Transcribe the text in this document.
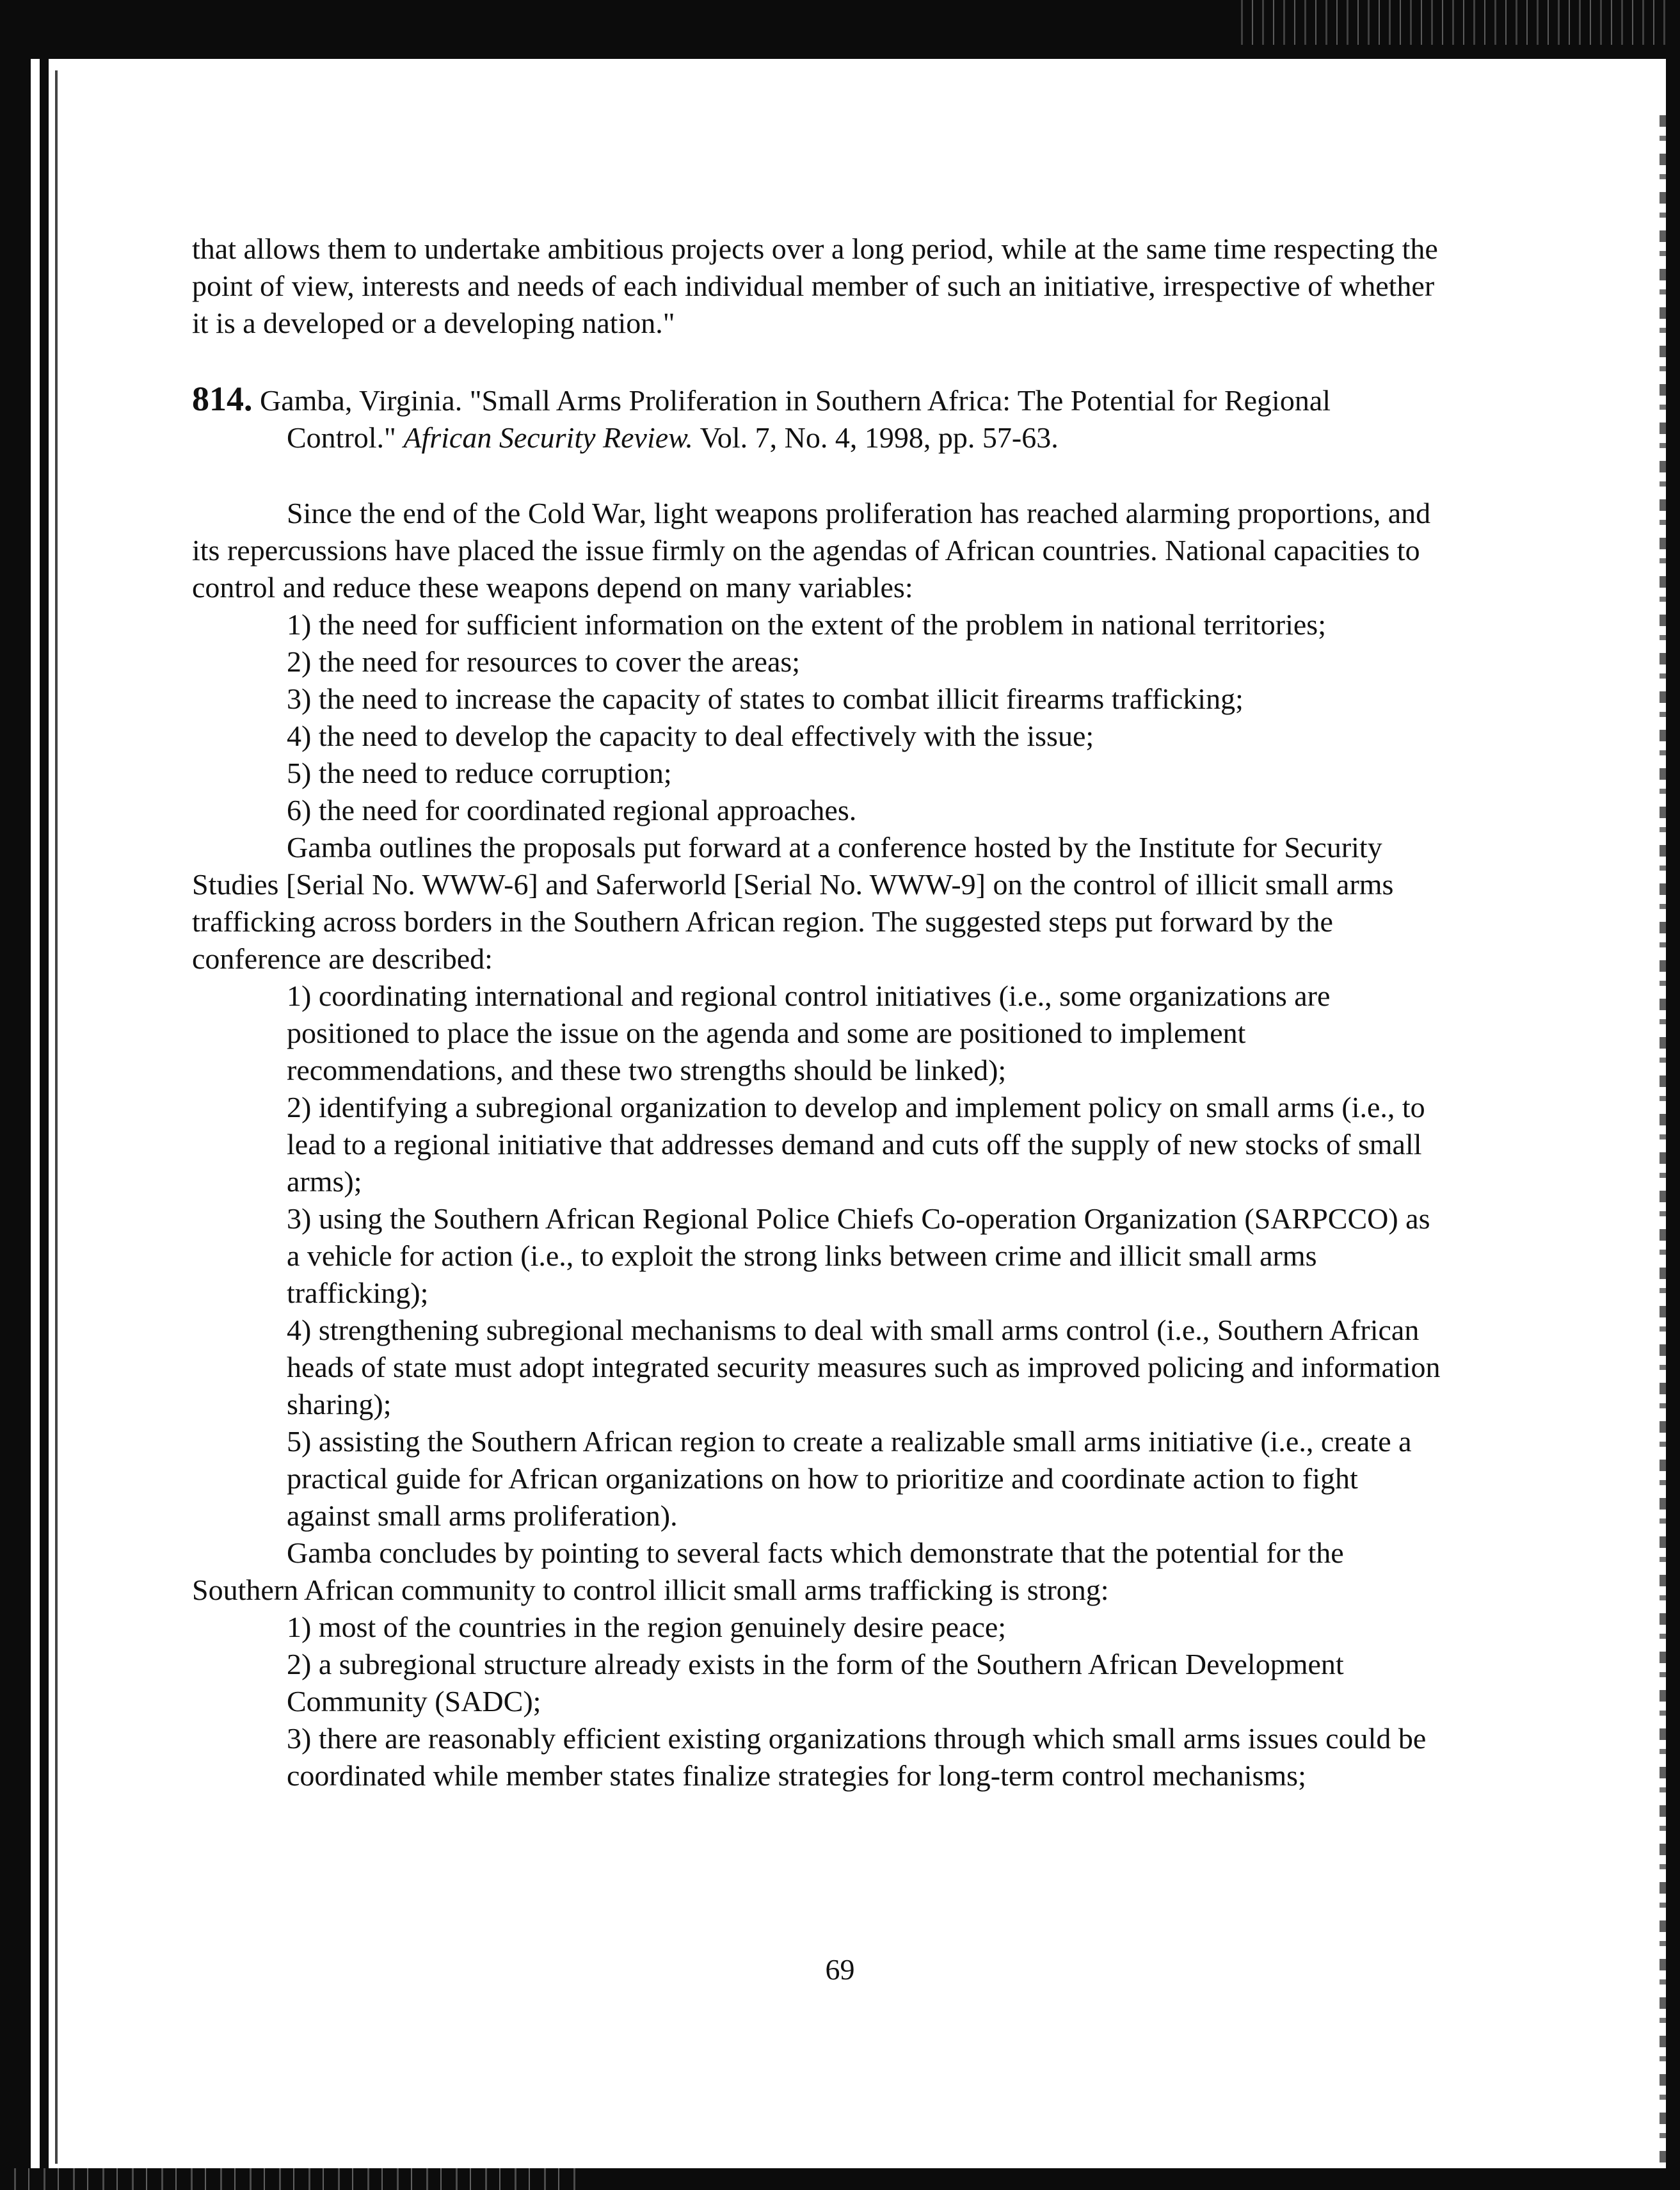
that allows them to undertake ambitious projects over a long period, while at the same time respecting the point of view, interests and needs of each individual member of such an initiative, irrespective of whether it is a developed or a developing nation."

814. Gamba, Virginia. "Small Arms Proliferation in Southern Africa: The Potential for Regional Control." African Security Review. Vol. 7, No. 4, 1998, pp. 57-63.

Since the end of the Cold War, light weapons proliferation has reached alarming proportions, and its repercussions have placed the issue firmly on the agendas of African countries. National capacities to control and reduce these weapons depend on many variables:

1) the need for sufficient information on the extent of the problem in national territories;

2) the need for resources to cover the areas;

3) the need to increase the capacity of states to combat illicit firearms trafficking;

4) the need to develop the capacity to deal effectively with the issue;

5) the need to reduce corruption;

6) the need for coordinated regional approaches.

Gamba outlines the proposals put forward at a conference hosted by the Institute for Security Studies [Serial No. WWW-6] and Saferworld [Serial No. WWW-9] on the control of illicit small arms trafficking across borders in the Southern African region. The suggested steps put forward by the conference are described:

1) coordinating international and regional control initiatives (i.e., some organizations are positioned to place the issue on the agenda and some are positioned to implement recommendations, and these two strengths should be linked);

2) identifying a subregional organization to develop and implement policy on small arms (i.e., to lead to a regional initiative that addresses demand and cuts off the supply of new stocks of small arms);

3) using the Southern African Regional Police Chiefs Co-operation Organization (SARPCCO) as a vehicle for action (i.e., to exploit the strong links between crime and illicit small arms trafficking);

4) strengthening subregional mechanisms to deal with small arms control (i.e., Southern African heads of state must adopt integrated security measures such as improved policing and information sharing);

5) assisting the Southern African region to create a realizable small arms initiative (i.e., create a practical guide for African organizations on how to prioritize and coordinate action to fight against small arms proliferation).

Gamba concludes by pointing to several facts which demonstrate that the potential for the Southern African community to control illicit small arms trafficking is strong:

1) most of the countries in the region genuinely desire peace;

2) a subregional structure already exists in the form of the Southern African Development Community (SADC);

3) there are reasonably efficient existing organizations through which small arms issues could be coordinated while member states finalize strategies for long-term control mechanisms;

69
